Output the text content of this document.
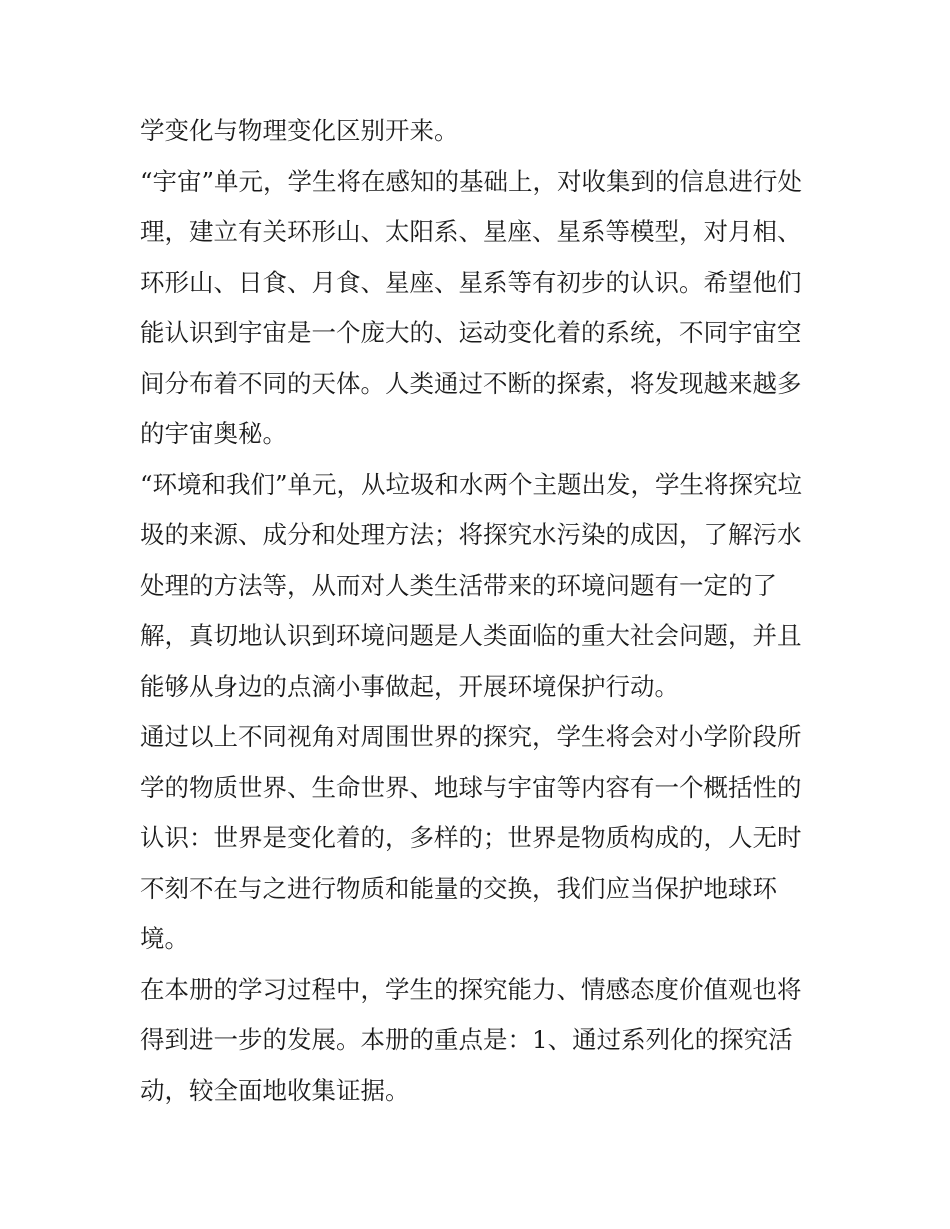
学变化与物理变化区别开来。
“宇宙”单元，学生将在感知的基础上，对收集到的信息进行处
理，建立有关环形山、太阳系、星座、星系等模型，对月相、
环形山、日食、月食、星座、星系等有初步的认识。希望他们
能认识到宇宙是一个庞大的、运动变化着的系统，不同宇宙空
间分布着不同的天体。人类通过不断的探索，将发现越来越多
的宇宙奥秘。
“环境和我们”单元，从垃圾和水两个主题出发，学生将探究垃
圾的来源、成分和处理方法；将探究水污染的成因，了解污水
处理的方法等，从而对人类生活带来的环境问题有一定的了
解，真切地认识到环境问题是人类面临的重大社会问题，并且
能够从身边的点滴小事做起，开展环境保护行动。
通过以上不同视角对周围世界的探究，学生将会对小学阶段所
学的物质世界、生命世界、地球与宇宙等内容有一个概括性的
认识：世界是变化着的，多样的；世界是物质构成的，人无时
不刻不在与之进行物质和能量的交换，我们应当保护地球环
境。
在本册的学习过程中，学生的探究能力、情感态度价值观也将
得到进一步的发展。本册的重点是：1、通过系列化的探究活
动，较全面地收集证据。
